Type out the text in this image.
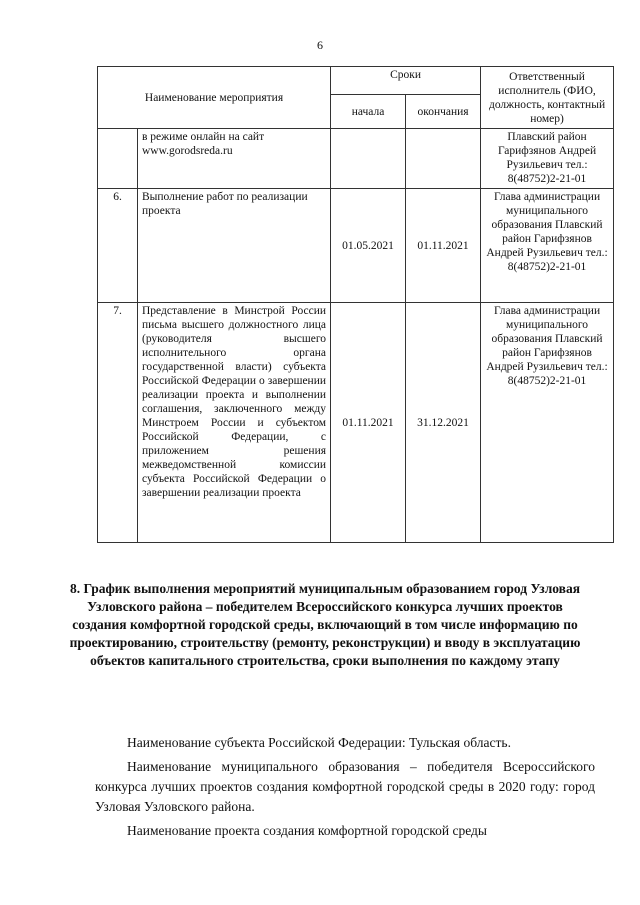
6
Наименование мероприятия		Сроки		Ответственный исполнитель (ФИО, должность, контактный номер)
		начала	окончания	
	в режиме онлайн на сайт www.gorodsreda.ru			Плавский район Гарифзянов Андрей Рузильевич тел.: 8(48752)2-21-01
6.	Выполнение работ по реализации проекта	01.05.2021	01.11.2021	Глава администрации муниципального образования Плавский район Гарифзянов Андрей Рузильевич тел.: 8(48752)2-21-01
7.	Представление в Минстрой России письма высшего должностного лица (руководителя высшего исполнительного органа государственной власти) субъекта Российской Федерации о завершении реализации проекта и выполнении соглашения, заключенного между Минстроем России и субъектом Российской Федерации, с приложением решения межведомственной комиссии субъекта Российской Федерации о завершении реализации проекта	01.11.2021	31.12.2021	Глава администрации муниципального образования Плавский район Гарифзянов Андрей Рузильевич тел.: 8(48752)2-21-01
8. График выполнения мероприятий муниципальным образованием город Узловая Узловского района – победителем Всероссийского конкурса лучших проектов создания комфортной городской среды, включающий в том числе информацию по проектированию, строительству (ремонту, реконструкции) и вводу в эксплуатацию объектов капитального строительства, сроки выполнения по каждому этапу

Наименование субъекта Российской Федерации: Тульская область.

Наименование муниципального образования – победителя Всероссийского конкурса лучших проектов создания комфортной городской среды в 2020 году: город Узловая Узловского района.

Наименование проекта создания комфортной городской среды
